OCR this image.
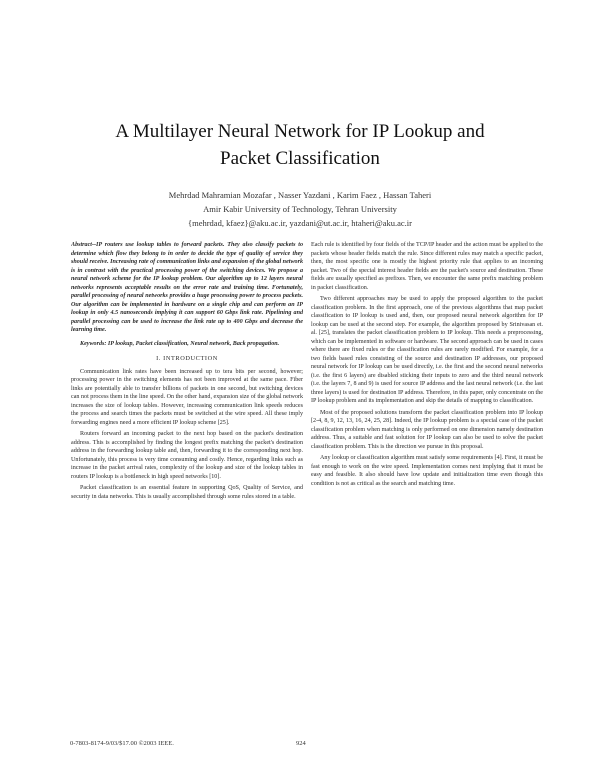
A Multilayer Neural Network for IP Lookup and
Packet Classification
Mehrdad Mahramian Mozafar , Nasser Yazdani , Karim Faez , Hassan Taheri
Amir Kabir University of Technology, Tehran University
{mehrdad, kfaez}@aku.ac.ir, yazdani@ut.ac.ir, htaheri@aku.ac.ir

Abstract--IP routers use lookup tables to forward packets. They also classify packets to determine which flow they belong to in order to decide the type of quality of service they should receive. Increasing rate of communication links and expansion of the global network is in contrast with the practical processing power of the switching devices. We propose a neural network scheme for the IP lookup problem. Our algorithm up to 12 layers neural networks represents acceptable results on the error rate and training time. Fortunately, parallel processing of neural networks provides a huge processing power to process packets. Our algorithm can be implemented in hardware on a single chip and can perform an IP lookup in only 4.5 nanoseconds implying it can support 60 Gbps link rate. Pipelining and parallel processing can be used to increase the link rate up to 400 Gbps and decrease the learning time.

Keywords: IP lookup, Packet classification, Neural network, Back propagation.

I. INTRODUCTION

Communication link rates have been increased up to tera bits per second, however; processing power in the switching elements has not been improved at the same pace. Fiber links are potentially able to transfer billions of packets in one second, but switching devices can not process them in the line speed. On the other hand, expansion size of the global network increases the size of lookup tables. However, increasing communication link speeds reduces the process and search times the packets must be switched at the wire speed. All these imply forwarding engines need a more efficient IP lookup scheme [25].

Routers forward an incoming packet to the next hop based on the packet's destination address. This is accomplished by finding the longest prefix matching the packet's destination address in the forwarding lookup table and, then, forwarding it to the corresponding next hop. Unfortunately, this process is very time consuming and costly. Hence, regarding links such as increase in the packet arrival rates, complexity of the lookup and size of the lookup tables in routers IP lookup is a bottleneck in high speed networks [10].

Packet classification is an essential feature in supporting QoS, Quality of Service, and security in data networks. This is usually accomplished through some rules stored in a table.

Each rule is identified by four fields of the TCP/IP header and the action must be applied to the packets whose header fields match the rule. Since different rules may match a specific packet, then, the most specific one is mostly the highest priority rule that applies to an incoming packet. Two of the special interest header fields are the packet's source and destination. These fields are usually specified as prefixes. Then, we encounter the same prefix matching problem in packet classification.

Two different approaches may be used to apply the proposed algorithm to the packet classification problem. In the first approach, one of the previous algorithms that map packet classification to IP lookup is used and, then, our proposed neural network algorithm for IP lookup can be used at the second step. For example, the algorithm proposed by Srinivasan et. al. [25], translates the packet classification problem to IP lookup. This needs a preprocessing, which can be implemented in software or hardware. The second approach can be used in cases where there are fixed rules or the classification rules are rarely modified. For example, for a two fields based rules consisting of the source and destination IP addresses, our proposed neural network for IP lookup can be used directly, i.e. the first and the second neural networks (i.e. the first 6 layers) are disabled sticking their inputs to zero and the third neural network (i.e. the layers 7, 8 and 9) is used for source IP address and the last neural network (i.e. the last three layers) is used for destination IP address. Therefore, in this paper, only concentrate on the IP lookup problem and its implementation and skip the details of mapping to classification.

Most of the proposed solutions transform the packet classification problem into IP lookup [2-4, 8, 9, 12, 13, 16, 24, 25, 28]. Indeed, the IP lookup problem is a special case of the packet classification problem when matching is only performed on one dimension namely destination address. Thus, a suitable and fast solution for IP lookup can also be used to solve the packet classification problem. This is the direction we pursue in this proposal.

Any lookup or classification algorithm must satisfy some requirements [4]. First, it must be fast enough to work on the wire speed. Implementation comes next implying that it must be easy and feasible. It also should have low update and initialization time even though this condition is not as critical as the search and matching time.

0-7803-8174-9/03/$17.00 ©2003 IEEE.	924
